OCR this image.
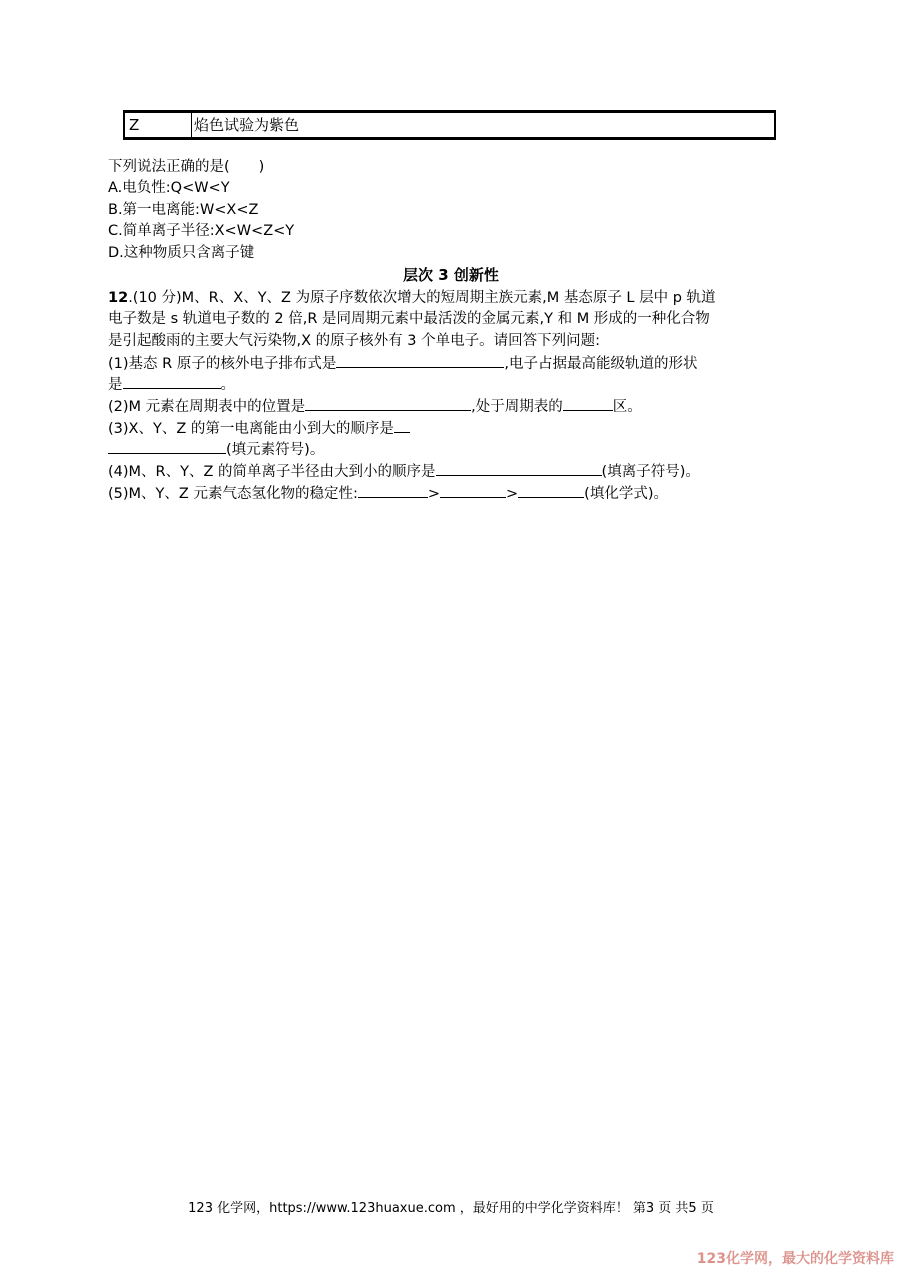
Z	焰色试验为紫色
下列说法正确的是(　　)
A.电负性:Q<W<Y
B.第一电离能:W<X<Z
C.简单离子半径:X<W<Z<Y
D.这种物质只含离子键
层次 3 创新性
12.(10 分)M、R、X、Y、Z 为原子序数依次增大的短周期主族元素,M 基态原子 L 层中 p 轨道
电子数是 s 轨道电子数的 2 倍,R 是同周期元素中最活泼的金属元素,Y 和 M 形成的一种化合物
是引起酸雨的主要大气污染物,X 的原子核外有 3 个单电子。请回答下列问题:
(1)基态 R 原子的核外电子排布式是	,电子占据最高能级轨道的形状
是	。
(2)M 元素在周期表中的位置是	,处于周期表的	区。
(3)X、Y、Z 的第一电离能由小到大的顺序是
(填元素符号)。
(4)M、R、Y、Z 的简单离子半径由大到小的顺序是	(填离子符号)。
(5)M、Y、Z 元素气态氢化物的稳定性:	>	>	(填化学式)。
123 化学网，https://www.123huaxue.com ，最好用的中学化学资料库！ 第3 页 共5 页
123化学网，最大的化学资料库
